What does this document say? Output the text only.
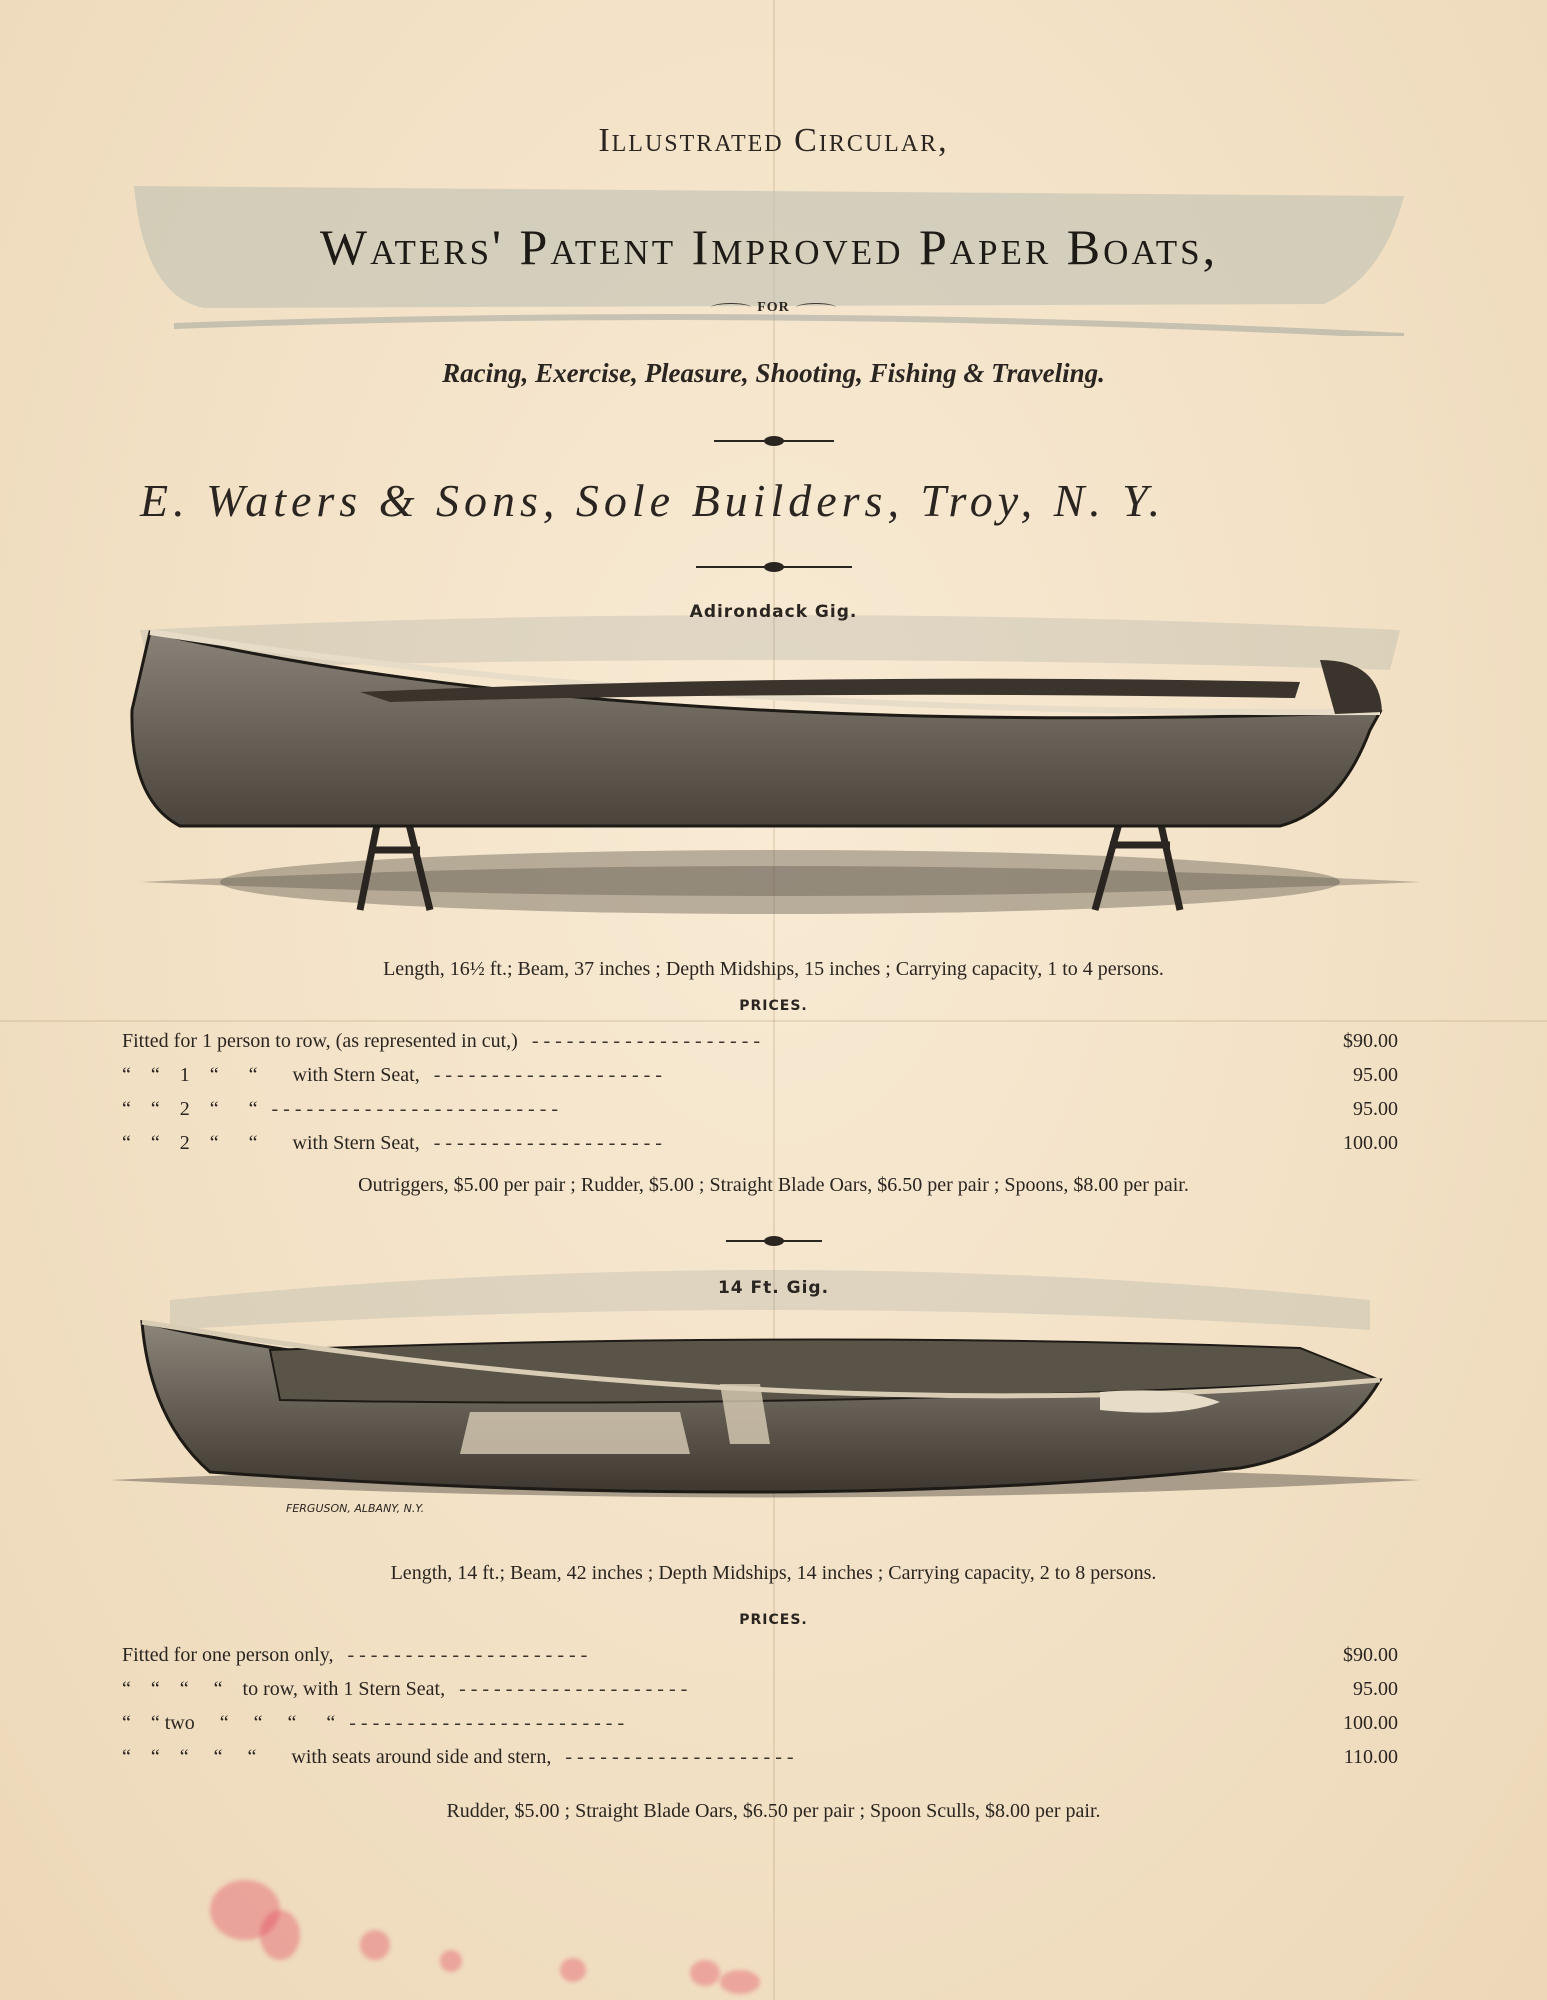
Illustrated Circular,
Waters' Patent Improved Paper Boats,
FOR
Racing, Exercise, Pleasure, Shooting, Fishing & Traveling.
E. Waters & Sons, Sole Builders, Troy, N. Y.
Adirondack Gig.
Length, 16½ ft.; Beam, 37 inches ; Depth Midships, 15 inches ; Carrying capacity, 1 to 4 persons.
PRICES.
Fitted for 1 person to row, (as represented in cut,) - - - - - - - - - - - - - - - - - - - -	$90.00
“    “    1    “      “       with Stern Seat, - - - - - - - - - - - - - - - - - - - -	95.00
“    “    2    “      “ - - - - - - - - - - - - - - - - - - - - - - - - -	95.00
“    “    2    “      “       with Stern Seat, - - - - - - - - - - - - - - - - - - - -	100.00
Outriggers, $5.00 per pair ; Rudder, $5.00 ; Straight Blade Oars, $6.50 per pair ; Spoons, $8.00 per pair.
14 Ft. Gig.
FERGUSON, ALBANY, N.Y.
Length, 14 ft.; Beam, 42 inches ; Depth Midships, 14 inches ; Carrying capacity, 2 to 8 persons.
PRICES.
Fitted for one person only, - - - - - - - - - - - - - - - - - - - - -	$90.00
“    “    “     “    to row, with 1 Stern Seat, - - - - - - - - - - - - - - - - - - - -	95.00
“    “ two     “     “     “      “ - - - - - - - - - - - - - - - - - - - - - - - -	100.00
“    “    “     “     “       with seats around side and stern, - - - - - - - - - - - - - - - - - - - -	110.00
Rudder, $5.00 ; Straight Blade Oars, $6.50 per pair ; Spoon Sculls, $8.00 per pair.
